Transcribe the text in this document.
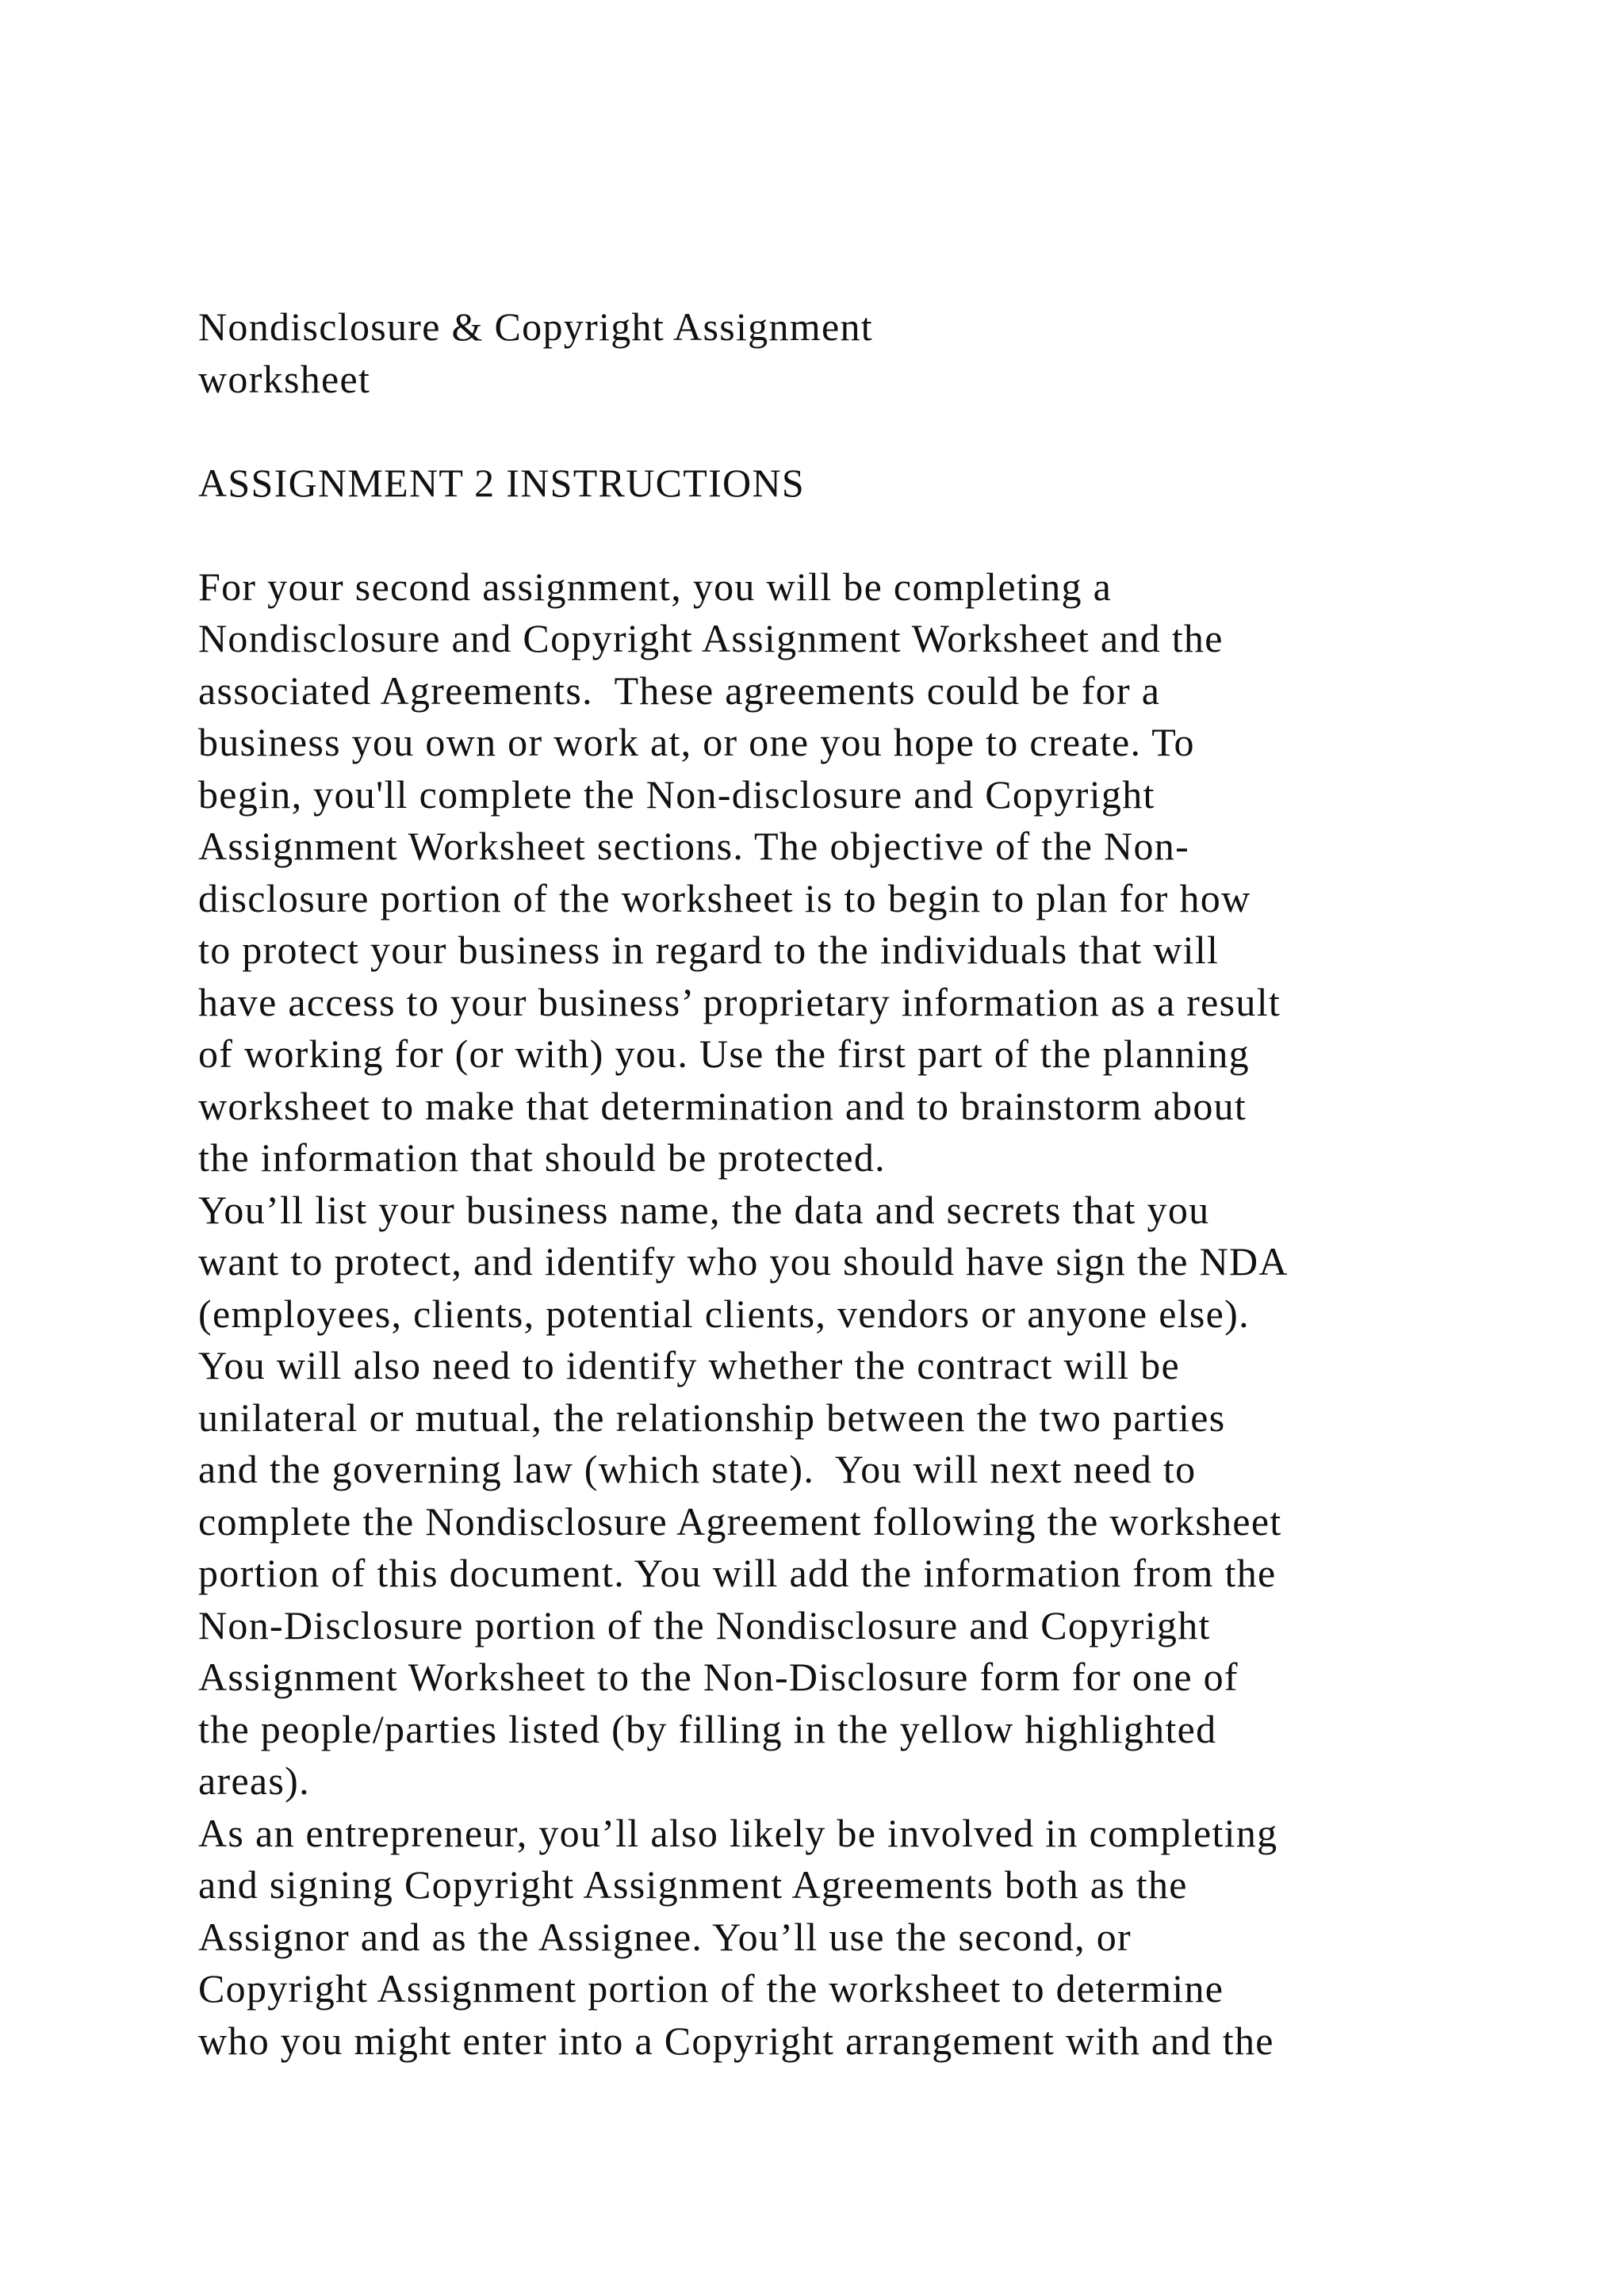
Nondisclosure & Copyright Assignment
worksheet
ASSIGNMENT 2 INSTRUCTIONS
For your second assignment, you will be completing a
Nondisclosure and Copyright Assignment Worksheet and the
associated Agreements.  These agreements could be for a
business you own or work at, or one you hope to create. To
begin, you'll complete the Non-disclosure and Copyright
Assignment Worksheet sections. The objective of the Non-
disclosure portion of the worksheet is to begin to plan for how
to protect your business in regard to the individuals that will
have access to your business’ proprietary information as a result
of working for (or with) you. Use the first part of the planning
worksheet to make that determination and to brainstorm about
the information that should be protected.
You’ll list your business name, the data and secrets that you
want to protect, and identify who you should have sign the NDA
(employees, clients, potential clients, vendors or anyone else).
You will also need to identify whether the contract will be
unilateral or mutual, the relationship between the two parties
and the governing law (which state).  You will next need to
complete the Nondisclosure Agreement following the worksheet
portion of this document. You will add the information from the
Non-Disclosure portion of the Nondisclosure and Copyright
Assignment Worksheet to the Non-Disclosure form for one of
the people/parties listed (by filling in the yellow highlighted
areas).
As an entrepreneur, you’ll also likely be involved in completing
and signing Copyright Assignment Agreements both as the
Assignor and as the Assignee. You’ll use the second, or
Copyright Assignment portion of the worksheet to determine
who you might enter into a Copyright arrangement with and the
